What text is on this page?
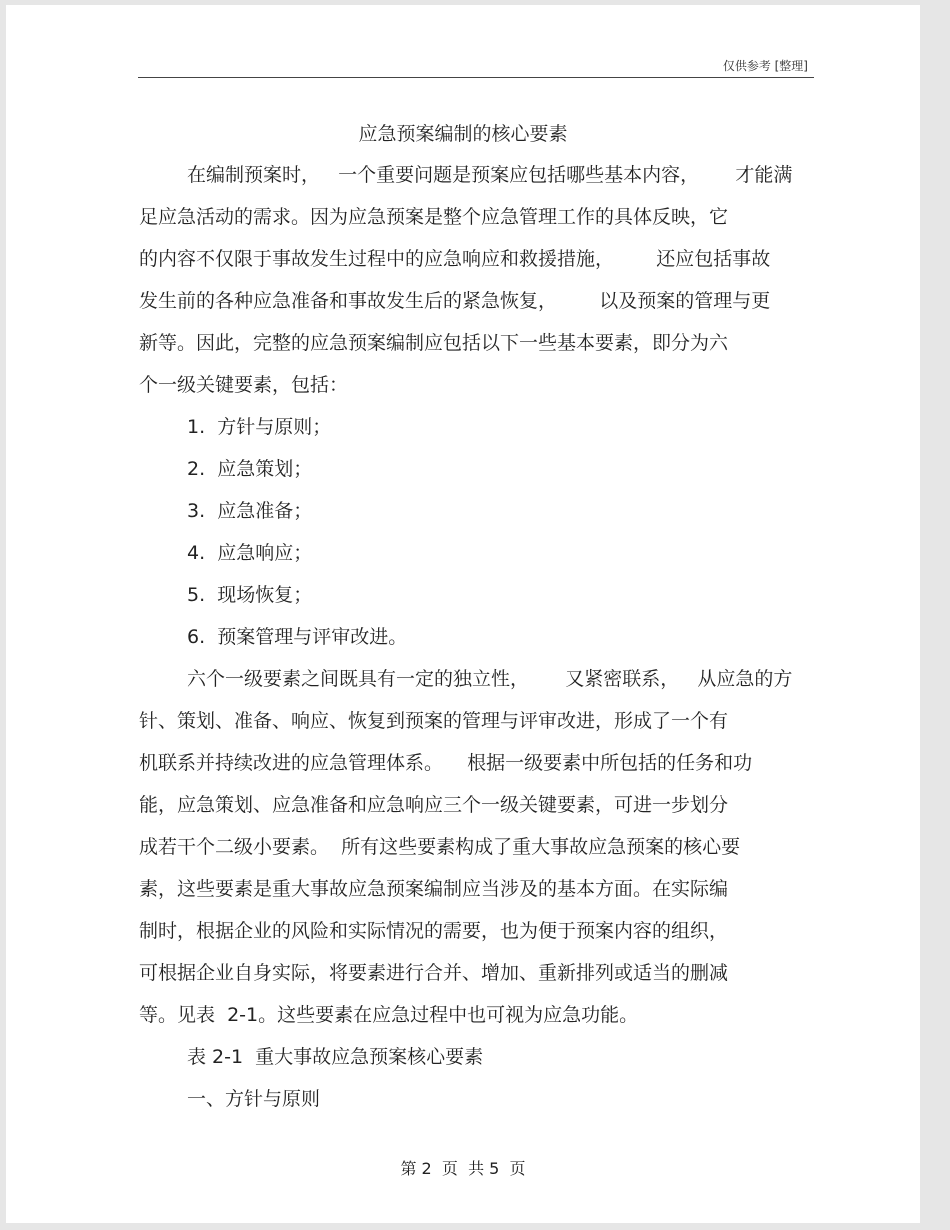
仅供参考 [整理]
应急预案编制的核心要素
在编制预案时，   一个重要问题是预案应包括哪些基本内容，      才能满
足应急活动的需求。因为应急预案是整个应急管理工作的具体反映，它
的内容不仅限于事故发生过程中的应急响应和救援措施，       还应包括事故
发生前的各种应急准备和事故发生后的紧急恢复，       以及预案的管理与更
新等。因此，完整的应急预案编制应包括以下一些基本要素，即分为六
个一级关键要素，包括：
1.  方针与原则；
2.  应急策划；
3.  应急准备；
4.  应急响应；
5.  现场恢复；
6.  预案管理与评审改进。
六个一级要素之间既具有一定的独立性，      又紧密联系，   从应急的方
针、策划、准备、响应、恢复到预案的管理与评审改进，形成了一个有
机联系并持续改进的应急管理体系。    根据一级要素中所包括的任务和功
能，应急策划、应急准备和应急响应三个一级关键要素，可进一步划分
成若干个二级小要素。  所有这些要素构成了重大事故应急预案的核心要
素，这些要素是重大事故应急预案编制应当涉及的基本方面。在实际编
制时，根据企业的风险和实际情况的需要，也为便于预案内容的组织，
可根据企业自身实际，将要素进行合并、增加、重新排列或适当的删减
等。见表  2-1。这些要素在应急过程中也可视为应急功能。
表 2-1  重大事故应急预案核心要素
一、方针与原则
第 2  页  共 5  页
